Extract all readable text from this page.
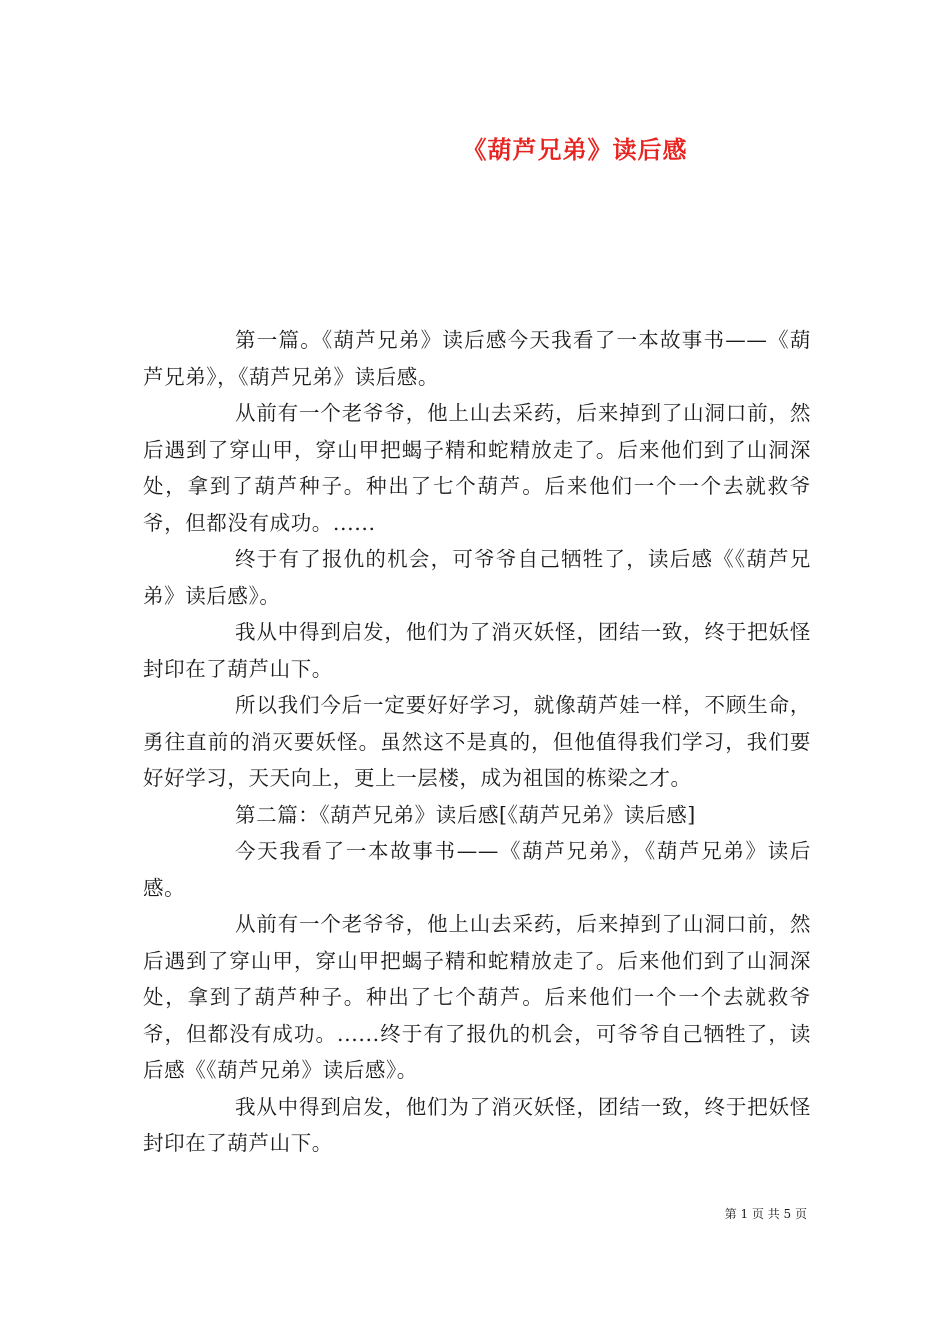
《葫芦兄弟》读后感

第一篇。《葫芦兄弟》读后感今天我看了一本故事书——《葫芦兄弟》，《葫芦兄弟》读后感。

从前有一个老爷爷，他上山去采药，后来掉到了山洞口前，然后遇到了穿山甲，穿山甲把蝎子精和蛇精放走了。后来他们到了山洞深处，拿到了葫芦种子。种出了七个葫芦。后来他们一个一个去就救爷爷，但都没有成功。......

终于有了报仇的机会，可爷爷自己牺牲了，读后感《《葫芦兄弟》读后感》。

我从中得到启发，他们为了消灭妖怪，团结一致，终于把妖怪封印在了葫芦山下。

所以我们今后一定要好好学习，就像葫芦娃一样，不顾生命，勇往直前的消灭要妖怪。虽然这不是真的，但他值得我们学习，我们要好好学习，天天向上，更上一层楼，成为祖国的栋梁之才。

第二篇：《葫芦兄弟》读后感[《葫芦兄弟》读后感]

今天我看了一本故事书——《葫芦兄弟》，《葫芦兄弟》读后感。

从前有一个老爷爷，他上山去采药，后来掉到了山洞口前，然后遇到了穿山甲，穿山甲把蝎子精和蛇精放走了。后来他们到了山洞深处，拿到了葫芦种子。种出了七个葫芦。后来他们一个一个去就救爷爷，但都没有成功。......终于有了报仇的机会，可爷爷自己牺牲了，读后感《《葫芦兄弟》读后感》。

我从中得到启发，他们为了消灭妖怪，团结一致，终于把妖怪封印在了葫芦山下。

第 1 页 共 5 页
